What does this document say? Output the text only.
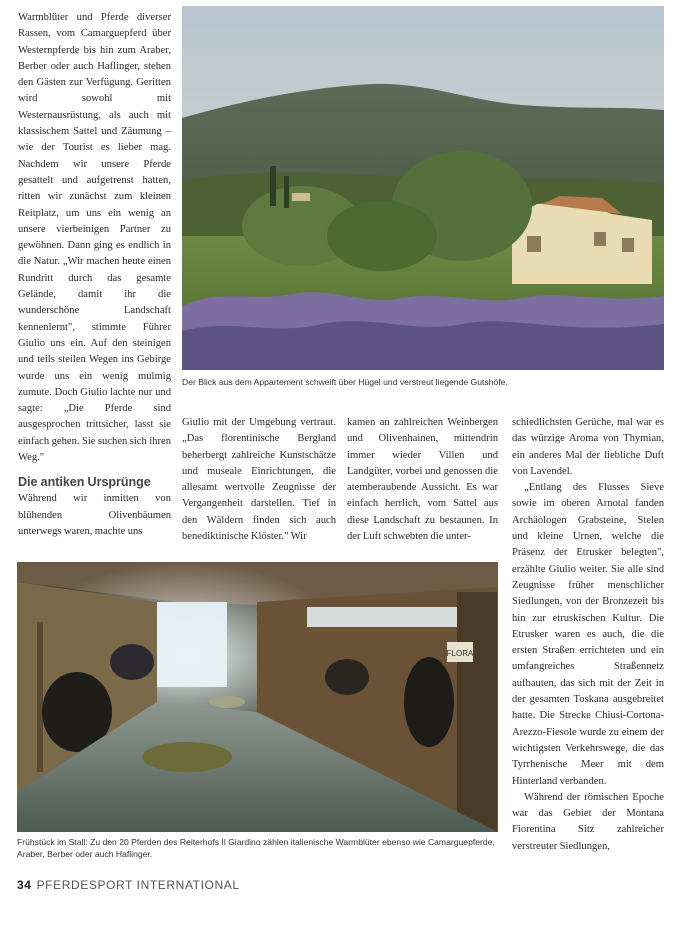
Warmblüter und Pferde diverser Rassen, vom Camarguepferd über Westernpferde bis hin zum Araber, Berber oder auch Haflinger, stehen den Gästen zur Verfügung. Geritten wird sowohl mit Westernausrüstung, als auch mit klassischem Sattel und Zäumung – wie der Tourist es lieber mag. Nachdem wir unsere Pferde gesattelt und aufgetrenst hatten, ritten wir zunächst zum kleinen Reitplatz, um uns ein wenig an unsere vierbeinigen Partner zu gewöhnen. Dann ging es endlich in die Natur. „Wir machen heute einen Rundritt durch das gesamte Gelände, damit ihr die wunderschöne Landschaft kennenlernt", stimmte Führer Giulio uns ein. Auf den steinigen und teils steilen Wegen ins Gebirge wurde uns ein wenig mulmig zumute. Doch Giulio lachte nur und sagte: „Die Pferde sind ausgesprochen trittsicher, lasst sie einfach gehen. Sie suchen sich ihren Weg."

Die antiken Ursprünge

Während wir inmitten von blühenden Olivenbäumen unterwegs waren, machte uns

Der Blick aus dem Appartement schweift über Hügel und verstreut liegende Gutshöfe.

Giulio mit der Umgebung vertraut. „Das florentinische Bergland beherbergt zahlreiche Kunstschätze und museale Einrichtungen, die allesamt wertvolle Zeugnisse der Vergangenheit darstellen. Tief in den Wäldern finden sich auch benediktinische Klöster." Wir

kamen an zahlreichen Weinbergen und Olivenhainen, mittendrin immer wieder Villen und Landgüter, vorbei und genossen die atemberaubende Aussicht. Es war einfach herrlich, vom Sattel aus diese Landschaft zu bestaunen. In der Luft schwebten die unter-

schiedlichsten Gerüche, mal war es das würzige Aroma von Thymian, ein anderes Mal der liebliche Duft von Lavendel.

„Entlang des Flusses Sieve sowie im oberen Arnotal fanden Archäologen Grabsteine, Stelen und kleine Urnen, welche die Präsenz der Etrusker belegten", erzählte Giulio weiter. Sie alle sind Zeugnisse früher menschlicher Siedlungen, von der Bronzezeit bis hin zur etruskischen Kultur. Die Etrusker waren es auch, die die ersten Straßen errichteten und ein umfangreiches Straßennetz aufbauten, das sich mit der Zeit in der gesamten Toskana ausgebreitet hatte. Die Strecke Chiusi-Cortona-Arezzo-Fiesole wurde zu einem der wichtigsten Verkehrswege, die das Tyrrhenische Meer mit dem Hinterland verbanden.

Während der römischen Epoche war das Gebiet der Montana Fiorentina Sitz zahlreicher verstreuter Siedlungen,

FLORA
Frühstück im Stall: Zu den 20 Pferden des Reiterhofs Il Giardino zählen italienische Warmblüter ebenso wie Camarguepferde, Araber, Berber oder auch Haflinger.
34 PFERDESPORT INTERNATIONAL
